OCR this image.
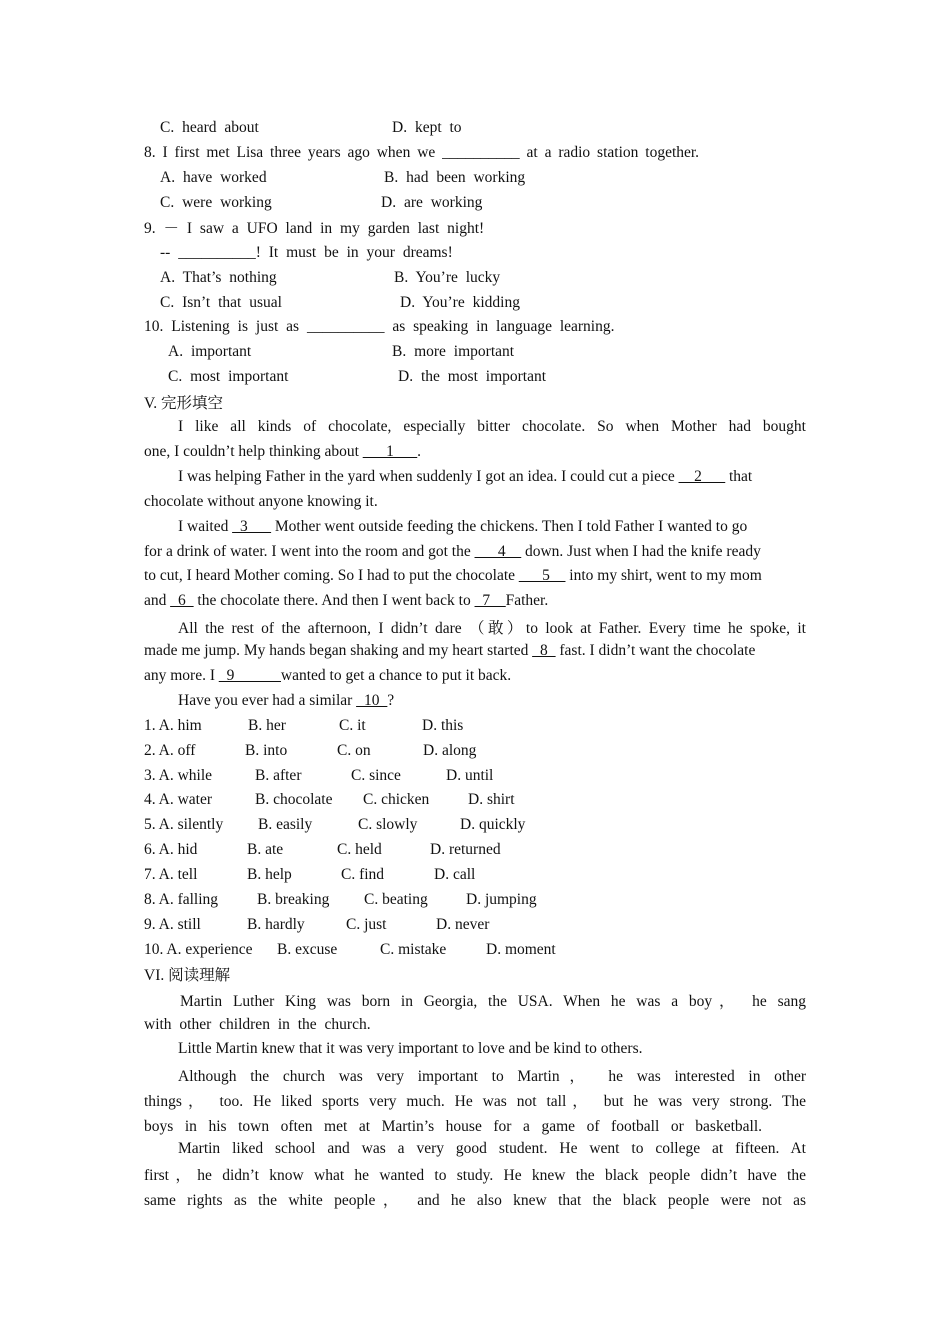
C. heard about	D. kept to
8. I first met Lisa three years ago when we __________ at a radio station together.
A. have worked	B. had been working
C. were working	D. are working
9. － I saw a UFO land in my garden last night!
-- __________! It must be in your dreams!
A. That’s nothing	B. You’re lucky
C. Isn’t that usual	D. You’re kidding
10. Listening is just as __________ as speaking in language learning.
A. important	B. more important
C. most important	D. the most important
V. 完形填空
I like all kinds of chocolate, especially bitter chocolate. So when Mother had bought
one, I couldn’t help thinking about ___1___.
I was helping Father in the yard when suddenly I got an idea. I could cut a piece __2___ that
chocolate without anyone knowing it.
I waited _3___ Mother went outside feeding the chickens. Then I told Father I wanted to go
for a drink of water. I went into the room and got the ___4__ down. Just when I had the knife ready
to cut, I heard Mother coming. So I had to put the chocolate ___5__ into my shirt, went to my mom
and _6_ the chocolate there. And then I went back to _7__Father.
All the rest of the afternoon, I didn’t dare （敢）to look at Father. Every time he spoke, it
made me jump. My hands began shaking and my heart started _8_ fast. I didn’t want the chocolate
any more. I _9______wanted to get a chance to put it back.
Have you ever had a similar _10_?
1. A. him	B. her	C. it	D. this
2. A. off	B. into	C. on	D. along
3. A. while	B. after	C. since	D. until
4. A. water	B. chocolate C. chicken D. shirt
5. A. silently B. easily	C. slowly	D. quickly
6. A. hid	B. ate	C. held	D. returned
7. A. tell	B. help	C. find	D. call
8. A. falling	B. breaking C. beating D. jumping
9. A. still	B. hardly	C. just	D. never
10. A. experience B. excuse	C. mistake	D. moment
VI. 阅读理解
Martin Luther King was born in Georgia, the USA. When he was a boy， he sang
with other children in the church.
Little Martin knew that it was very important to love and be kind to others.
Although the church was very important to Martin， he was interested in other
things， too. He liked sports very much. He was not tall， but he was very strong. The
boys in his town often met at Martin’s house for a game of football or basketball.
Martin liked school and was a very good student. He went to college at fifteen. At
first，he didn’t know what he wanted to study. He knew the black people didn’t have the
same rights as the white people， and he also knew that the black people were not as
